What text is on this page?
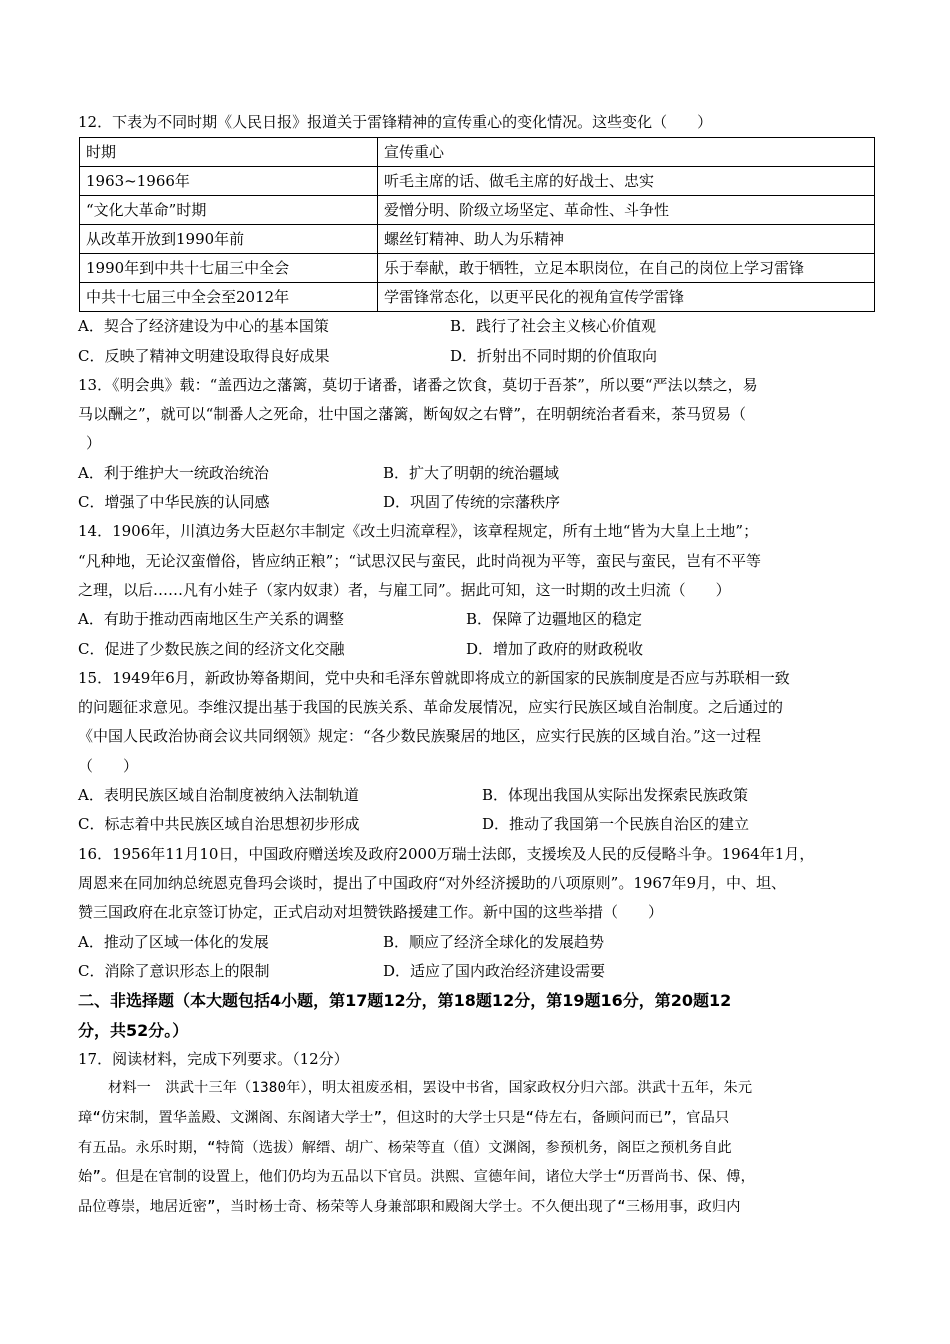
12．下表为不同时期《人民日报》报道关于雷锋精神的宣传重心的变化情况。这些变化（　　）
时期	宣传重心
1963~1966年	听毛主席的话、做毛主席的好战士、忠实
“文化大革命”时期	爱憎分明、阶级立场坚定、革命性、斗争性
从改革开放到1990年前	螺丝钉精神、助人为乐精神
1990年到中共十七届三中全会	乐于奉献，敢于牺牲，立足本职岗位，在自己的岗位上学习雷锋
中共十七届三中全会至2012年	学雷锋常态化，以更平民化的视角宣传学雷锋
A．契合了经济建设为中心的基本国策	B．践行了社会主义核心价值观
C．反映了精神文明建设取得良好成果	D．折射出不同时期的价值取向
13．《明会典》载：“盖西边之藩篱，莫切于诸番，诸番之饮食，莫切于吾茶”，所以要“严法以禁之，易
马以酬之”，就可以“制番人之死命，壮中国之藩篱，断匈奴之右臂”，在明朝统治者看来，茶马贸易（
）
A．利于维护大一统政治统治	B．扩大了明朝的统治疆域
C．增强了中华民族的认同感	D．巩固了传统的宗藩秩序
14．1906年，川滇边务大臣赵尔丰制定《改土归流章程》，该章程规定，所有土地“皆为大皇上土地”；
“凡种地，无论汉蛮僧俗，皆应纳正粮”；“试思汉民与蛮民，此时尚视为平等，蛮民与蛮民，岂有不平等
之理，以后……凡有小娃子（家内奴隶）者，与雇工同”。据此可知，这一时期的改土归流（　　）
A．有助于推动西南地区生产关系的调整	B．保障了边疆地区的稳定
C．促进了少数民族之间的经济文化交融	D．增加了政府的财政税收
15．1949年6月，新政协筹备期间，党中央和毛泽东曾就即将成立的新国家的民族制度是否应与苏联相一致
的问题征求意见。李维汉提出基于我国的民族关系、革命发展情况，应实行民族区域自治制度。之后通过的
《中国人民政治协商会议共同纲领》规定：“各少数民族聚居的地区，应实行民族的区域自治。”这一过程
（　　）
A．表明民族区域自治制度被纳入法制轨道	B．体现出我国从实际出发探索民族政策
C．标志着中共民族区域自治思想初步形成	D．推动了我国第一个民族自治区的建立
16．1956年11月10日，中国政府赠送埃及政府2000万瑞士法郎，支援埃及人民的反侵略斗争。1964年1月，
周恩来在同加纳总统恩克鲁玛会谈时，提出了中国政府“对外经济援助的八项原则”。1967年9月，中、坦、
赞三国政府在北京签订协定，正式启动对坦赞铁路援建工作。新中国的这些举措（　　）
A．推动了区域一体化的发展	B．顺应了经济全球化的发展趋势
C．消除了意识形态上的限制	D．适应了国内政治经济建设需要
二、非选择题（本大题包括4小题，第17题12分，第18题12分，第19题16分，第20题12
分，共52分。）
17．阅读材料，完成下列要求。（12分）
材料一　洪武十三年（1380年），明太祖废丞相，罢设中书省，国家政权分归六部。洪武十五年，朱元
璋“仿宋制，置华盖殿、文渊阁、东阁诸大学士”，但这时的大学士只是“侍左右，备顾问而已”，官品只
有五品。永乐时期，“特简（选拔）解缙、胡广、杨荣等直（值）文渊阁，参预机务，阁臣之预机务自此
始”。但是在官制的设置上，他们仍均为五品以下官员。洪熙、宣德年间，诸位大学士“历晋尚书、保、傅，
品位尊崇，地居近密”，当时杨士奇、杨荣等人身兼部职和殿阁大学士。不久便出现了“三杨用事，政归内
